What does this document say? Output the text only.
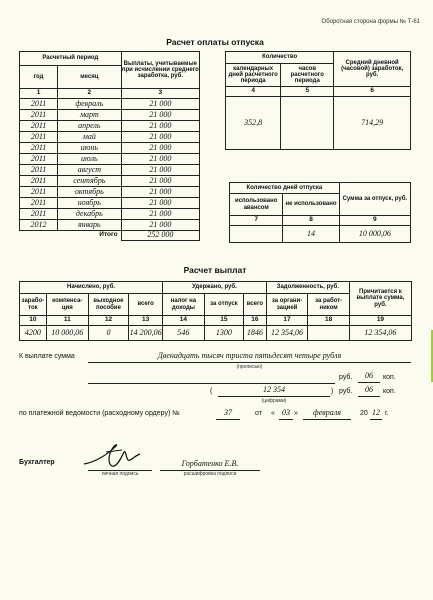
Оборотная сторона формы № Т-61
Расчет оплаты отпуска
Расчетный период		Выплаты, учитываемые при исчислении среднего заработка, руб.
год	месяц	
1	2	3
2011	февраль	21 000
2011	март	21 000
2011	апрель	21 000
2011	май	21 000
2011	июнь	21 000
2011	июль	21 000
2011	август	21 000
2011	сентябрь	21 000
2011	октябрь	21 000
2011	ноябрь	21 000
2011	декабрь	21 000
2012	январь	21 000
	Итого	252 000
Количество		Средний дневной (часовой) заработок, руб.
календарных дней расчетного периода	часов расчетного периода	
4	5	6
352,8		714,29
Количество дней отпуска		Сумма за отпуск, руб.
использовано авансом	не использовано	
7	8	9
	14	10 000,06
Расчет выплат
Начислено, руб.				Удержано, руб.			Задолженность, руб.		Причитается к выплате сумма, руб.
зарабо-ток	компенса-ция	выходное пособие	всего	налог на доходы	за отпуск	всего	за органи-зацией	за работ-ником	
10	11	12	13	14	15	16	17	18	19
4200	10 000,06	0	14 200,06	546	1300	1846	12 354,06		12 354,06
К выплате сумма	Двенадцать тысяч триста пятьдесят четыре рубля
(прописью)
руб.	06	коп.
(	12 354	)
(цифрами)
руб.	06	коп.
по платежной ведомости (расходному ордеру) №	37	от « 03 »	февраля	20 12 г.
Бухгалтер
личная подпись
Горбатенко Е.В.
расшифровка подписи
